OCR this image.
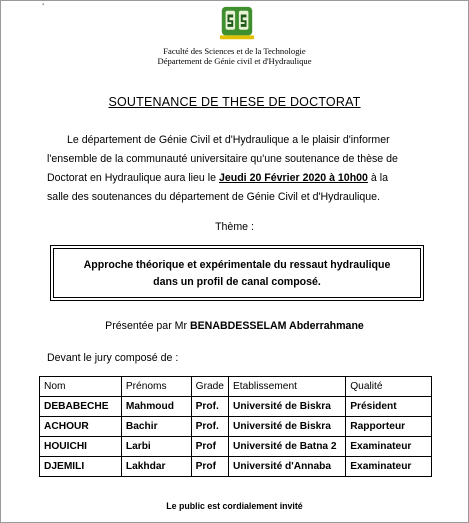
▪
Faculté des Sciences et de la Technologie
Département de Génie civil et d'Hydraulique
SOUTENANCE DE THESE DE DOCTORAT
Le département de Génie Civil et d'Hydraulique a le plaisir d'informer
l'ensemble de la communauté universitaire qu'une soutenance de thèse de
Doctorat en Hydraulique aura lieu le Jeudi 20 Février 2020 à 10h00 à la
salle des soutenances du département de Génie Civil et d'Hydraulique.
Thème :
Approche théorique et expérimentale du ressaut hydraulique
dans un profil de canal composé.
Présentée par Mr BENABDESSELAM Abderrahmane
Devant le jury composé de :
Nom	Prénoms	Grade	Etablissement	Qualité
DEBABECHE	Mahmoud	Prof.	Université de Biskra	Président
ACHOUR	Bachir	Prof.	Université de Biskra	Rapporteur
HOUICHI	Larbi	Prof	Université de Batna 2	Examinateur
DJEMILI	Lakhdar	Prof	Université d'Annaba	Examinateur
Le public est cordialement invité
